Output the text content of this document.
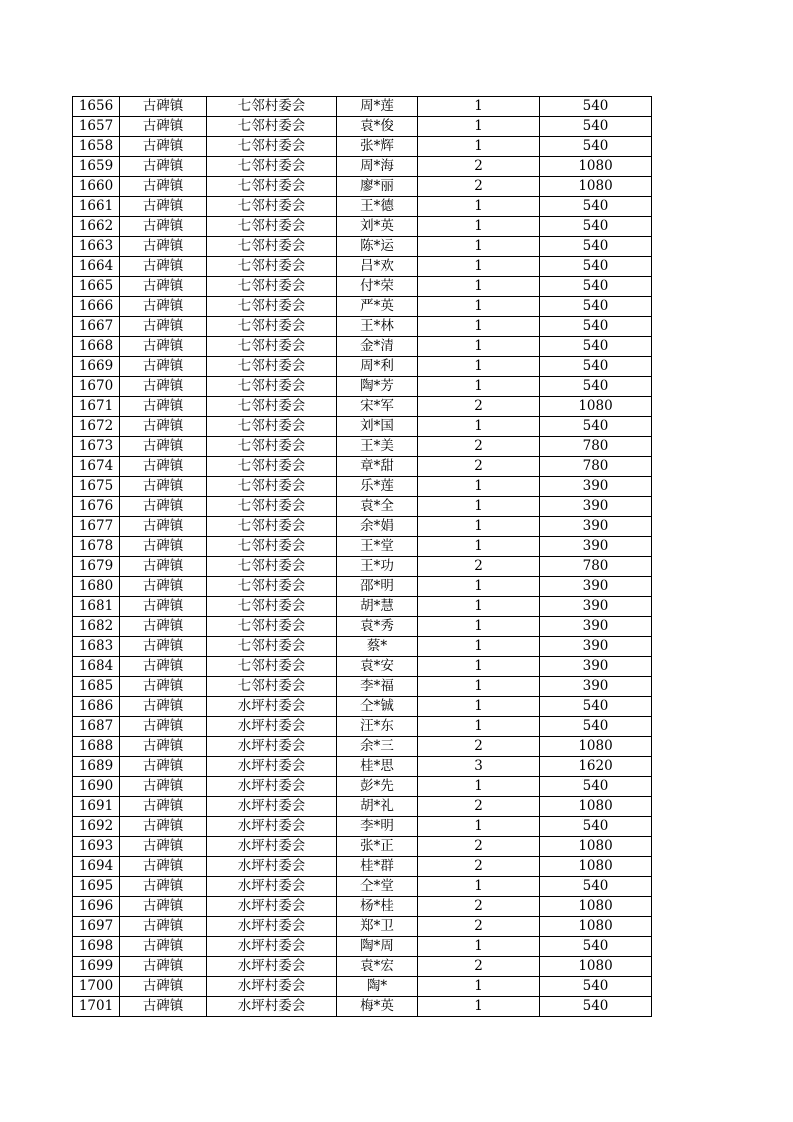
1656	古碑镇	七邻村委会	周*莲	1	540
1657	古碑镇	七邻村委会	袁*俊	1	540
1658	古碑镇	七邻村委会	张*辉	1	540
1659	古碑镇	七邻村委会	周*海	2	1080
1660	古碑镇	七邻村委会	廖*丽	2	1080
1661	古碑镇	七邻村委会	王*德	1	540
1662	古碑镇	七邻村委会	刘*英	1	540
1663	古碑镇	七邻村委会	陈*运	1	540
1664	古碑镇	七邻村委会	吕*欢	1	540
1665	古碑镇	七邻村委会	付*荣	1	540
1666	古碑镇	七邻村委会	严*英	1	540
1667	古碑镇	七邻村委会	王*林	1	540
1668	古碑镇	七邻村委会	金*清	1	540
1669	古碑镇	七邻村委会	周*利	1	540
1670	古碑镇	七邻村委会	陶*芳	1	540
1671	古碑镇	七邻村委会	宋*军	2	1080
1672	古碑镇	七邻村委会	刘*国	1	540
1673	古碑镇	七邻村委会	王*美	2	780
1674	古碑镇	七邻村委会	章*甜	2	780
1675	古碑镇	七邻村委会	乐*莲	1	390
1676	古碑镇	七邻村委会	袁*全	1	390
1677	古碑镇	七邻村委会	余*娟	1	390
1678	古碑镇	七邻村委会	王*堂	1	390
1679	古碑镇	七邻村委会	王*功	2	780
1680	古碑镇	七邻村委会	邵*明	1	390
1681	古碑镇	七邻村委会	胡*慧	1	390
1682	古碑镇	七邻村委会	袁*秀	1	390
1683	古碑镇	七邻村委会	蔡*	1	390
1684	古碑镇	七邻村委会	袁*安	1	390
1685	古碑镇	七邻村委会	李*福	1	390
1686	古碑镇	水坪村委会	仝*铖	1	540
1687	古碑镇	水坪村委会	汪*东	1	540
1688	古碑镇	水坪村委会	余*三	2	1080
1689	古碑镇	水坪村委会	桂*思	3	1620
1690	古碑镇	水坪村委会	彭*先	1	540
1691	古碑镇	水坪村委会	胡*礼	2	1080
1692	古碑镇	水坪村委会	李*明	1	540
1693	古碑镇	水坪村委会	张*正	2	1080
1694	古碑镇	水坪村委会	桂*群	2	1080
1695	古碑镇	水坪村委会	仝*堂	1	540
1696	古碑镇	水坪村委会	杨*桂	2	1080
1697	古碑镇	水坪村委会	郑*卫	2	1080
1698	古碑镇	水坪村委会	陶*周	1	540
1699	古碑镇	水坪村委会	袁*宏	2	1080
1700	古碑镇	水坪村委会	陶*	1	540
1701	古碑镇	水坪村委会	梅*英	1	540
